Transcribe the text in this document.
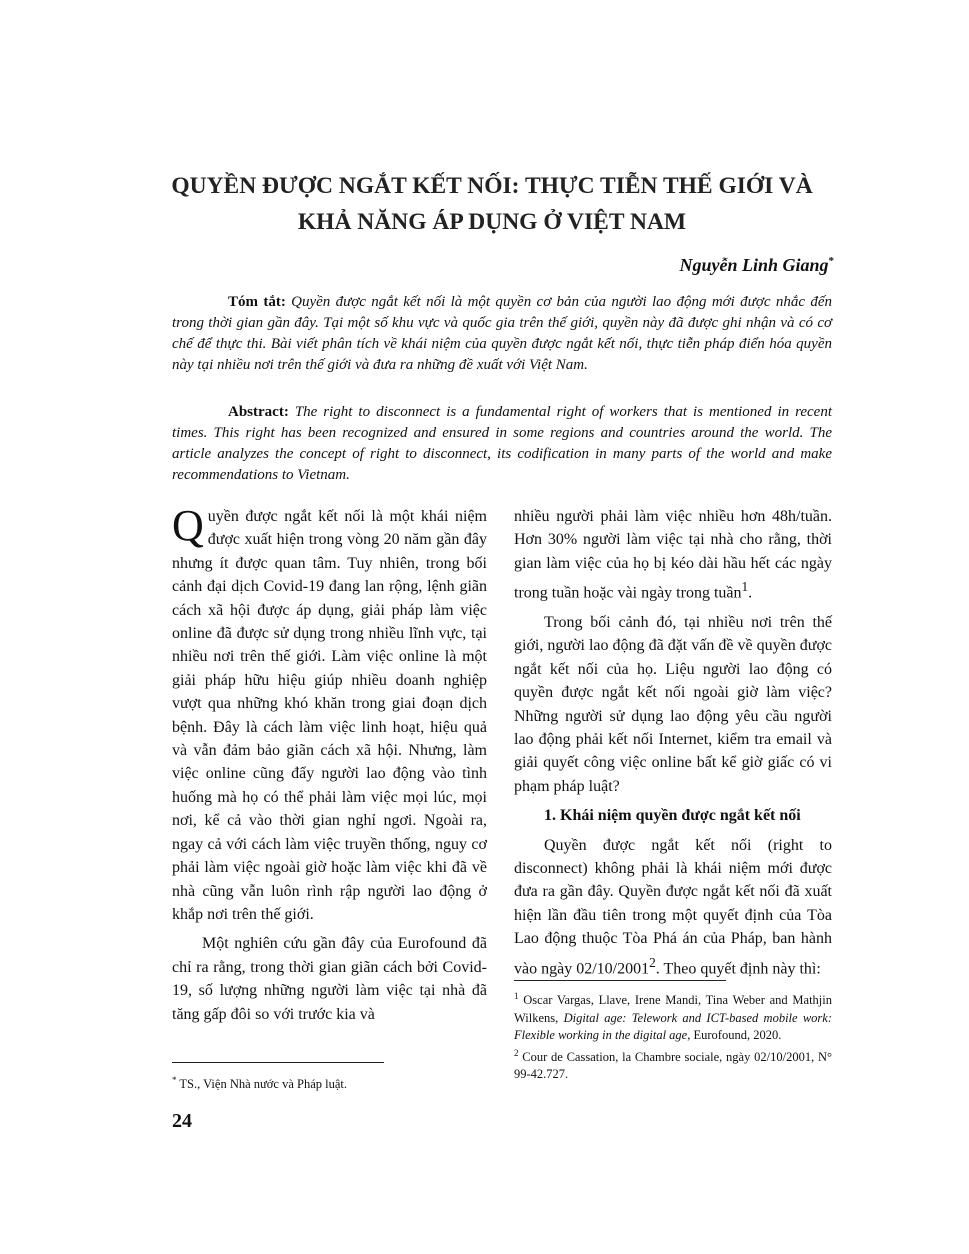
QUYỀN ĐƯỢC NGẮT KẾT NỐI: THỰC TIỄN THẾ GIỚI VÀ
KHẢ NĂNG ÁP DỤNG Ở VIỆT NAM
Nguyễn Linh Giang*
Tóm tắt: Quyền được ngắt kết nối là một quyền cơ bản của người lao động mới được nhắc đến trong thời gian gần đây. Tại một số khu vực và quốc gia trên thế giới, quyền này đã được ghi nhận và có cơ chế để thực thi. Bài viết phân tích về khái niệm của quyền được ngắt kết nối, thực tiễn pháp điển hóa quyền này tại nhiều nơi trên thế giới và đưa ra những đề xuất với Việt Nam.
Abstract: The right to disconnect is a fundamental right of workers that is mentioned in recent times. This right has been recognized and ensured in some regions and countries around the world. The article analyzes the concept of right to disconnect, its codification in many parts of the world and make recommendations to Vietnam.

Quyền được ngắt kết nối là một khái niệm được xuất hiện trong vòng 20 năm gần đây nhưng ít được quan tâm. Tuy nhiên, trong bối cảnh đại dịch Covid-19 đang lan rộng, lệnh giãn cách xã hội được áp dụng, giải pháp làm việc online đã được sử dụng trong nhiều lĩnh vực, tại nhiều nơi trên thế giới. Làm việc online là một giải pháp hữu hiệu giúp nhiều doanh nghiệp vượt qua những khó khăn trong giai đoạn dịch bệnh. Đây là cách làm việc linh hoạt, hiệu quả và vẫn đảm bảo giãn cách xã hội. Nhưng, làm việc online cũng đẩy người lao động vào tình huống mà họ có thể phải làm việc mọi lúc, mọi nơi, kể cả vào thời gian nghỉ ngơi. Ngoài ra, ngay cả với cách làm việc truyền thống, nguy cơ phải làm việc ngoài giờ hoặc làm việc khi đã về nhà cũng vẫn luôn rình rập người lao động ở khắp nơi trên thế giới.

Một nghiên cứu gần đây của Eurofound đã chỉ ra rằng, trong thời gian giãn cách bởi Covid-19, số lượng những người làm việc tại nhà đã tăng gấp đôi so với trước kia và

nhiều người phải làm việc nhiều hơn 48h/tuần. Hơn 30% người làm việc tại nhà cho rằng, thời gian làm việc của họ bị kéo dài hầu hết các ngày trong tuần hoặc vài ngày trong tuần$^1$.

Trong bối cảnh đó, tại nhiều nơi trên thế giới, người lao động đã đặt vấn đề về quyền được ngắt kết nối của họ. Liệu người lao động có quyền được ngắt kết nối ngoài giờ làm việc? Những người sử dụng lao động yêu cầu người lao động phải kết nối Internet, kiểm tra email và giải quyết công việc online bất kể giờ giấc có vi phạm pháp luật?

1. Khái niệm quyền được ngắt kết nối

Quyền được ngắt kết nối (right to disconnect) không phải là khái niệm mới được đưa ra gần đây. Quyền được ngắt kết nối đã xuất hiện lần đầu tiên trong một quyết định của Tòa Lao động thuộc Tòa Phá án của Pháp, ban hành vào ngày 02/10/2001$^2$. Theo quyết định này thì:

* TS., Viện Nhà nước và Pháp luật.
$^1$ Oscar Vargas, Llave, Irene Mandi, Tina Weber and Mathjin Wilkens, Digital age: Telework and ICT-based mobile work: Flexible working in the digital age, Eurofound, 2020.
$^2$ Cour de Cassation, la Chambre sociale, ngày 02/10/2001, N° 99-42.727.
24
